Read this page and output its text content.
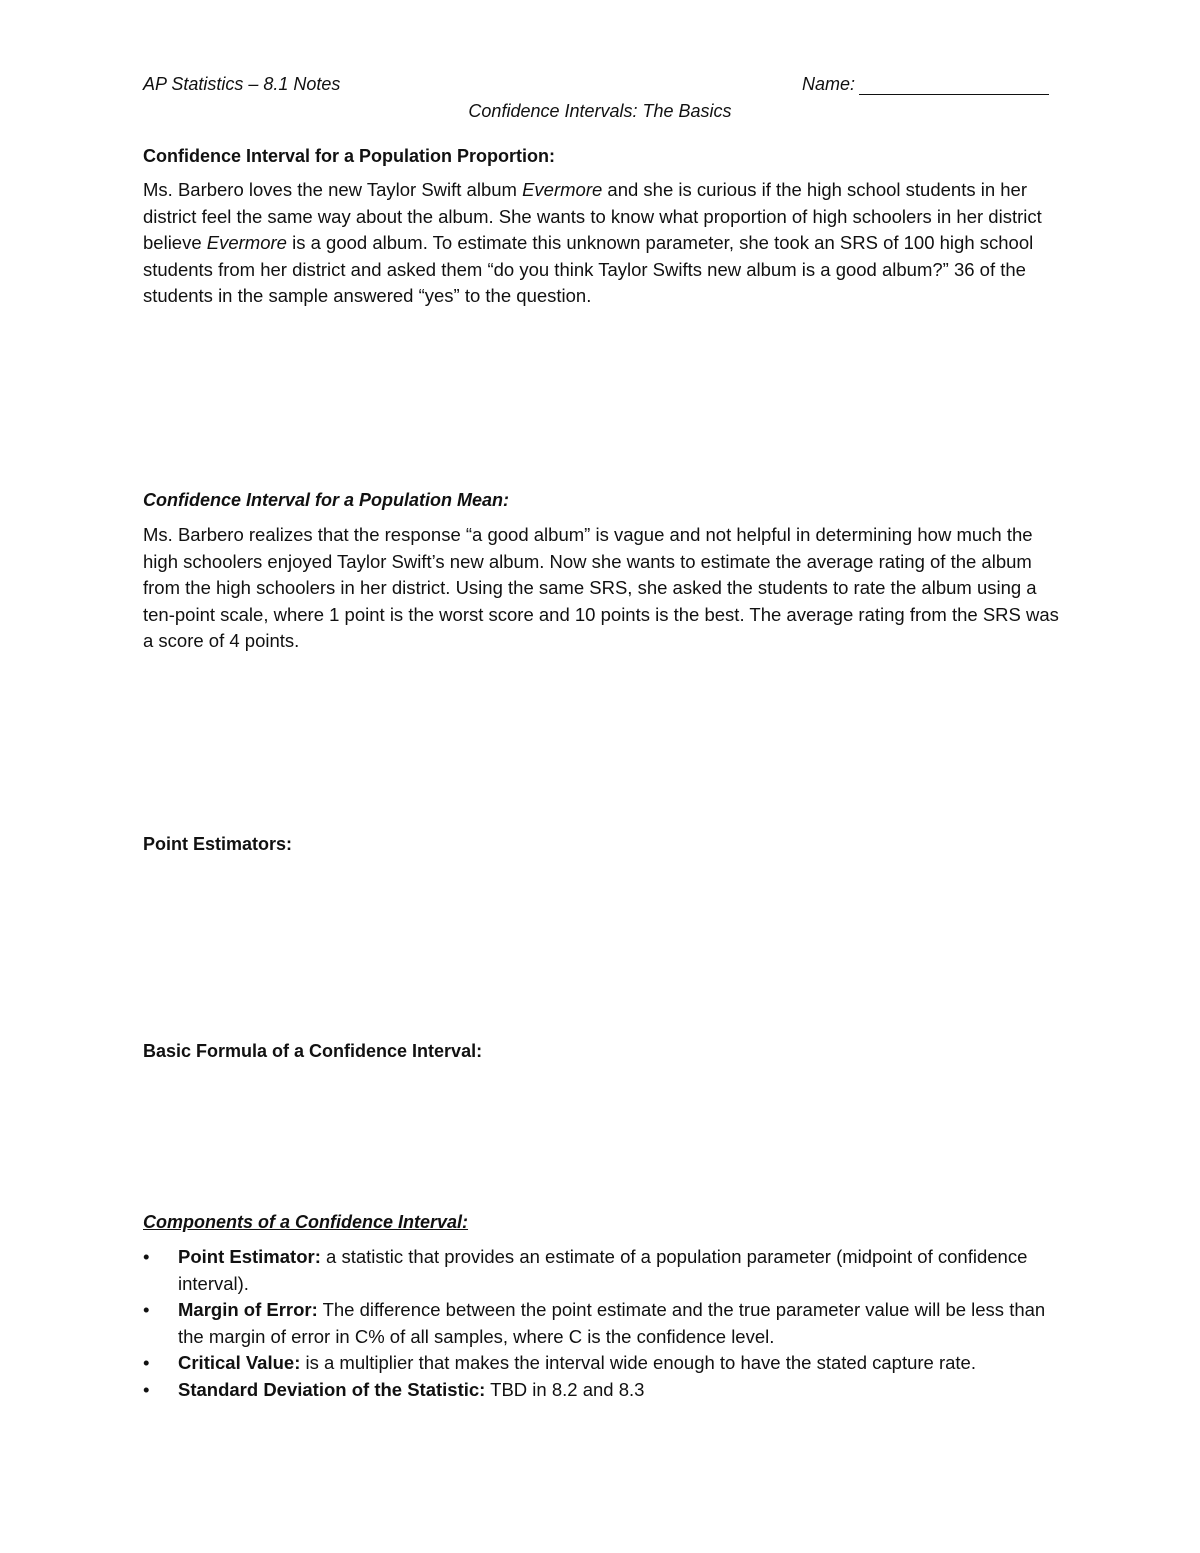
AP Statistics – 8.1 Notes	Name:
Confidence Intervals: The Basics
Confidence Interval for a Population Proportion:
Ms. Barbero loves the new Taylor Swift album Evermore and she is curious if the high school students in her district feel the same way about the album. She wants to know what proportion of high schoolers in her district believe Evermore is a good album. To estimate this unknown parameter, she took an SRS of 100 high school students from her district and asked them “do you think Taylor Swifts new album is a good album?” 36 of the students in the sample answered “yes” to the question.
Confidence Interval for a Population Mean:
Ms. Barbero realizes that the response “a good album” is vague and not helpful in determining how much the high schoolers enjoyed Taylor Swift’s new album. Now she wants to estimate the average rating of the album from the high schoolers in her district. Using the same SRS, she asked the students to rate the album using a ten-point scale, where 1 point is the worst score and 10 points is the best. The average rating from the SRS was a score of 4 points.
Point Estimators:
Basic Formula of a Confidence Interval:
Components of a Confidence Interval:
• Point Estimator: a statistic that provides an estimate of a population parameter (midpoint of confidence interval).
• Margin of Error: The difference between the point estimate and the true parameter value will be less than the margin of error in C% of all samples, where C is the confidence level.
• Critical Value: is a multiplier that makes the interval wide enough to have the stated capture rate.
• Standard Deviation of the Statistic: TBD in 8.2 and 8.3
